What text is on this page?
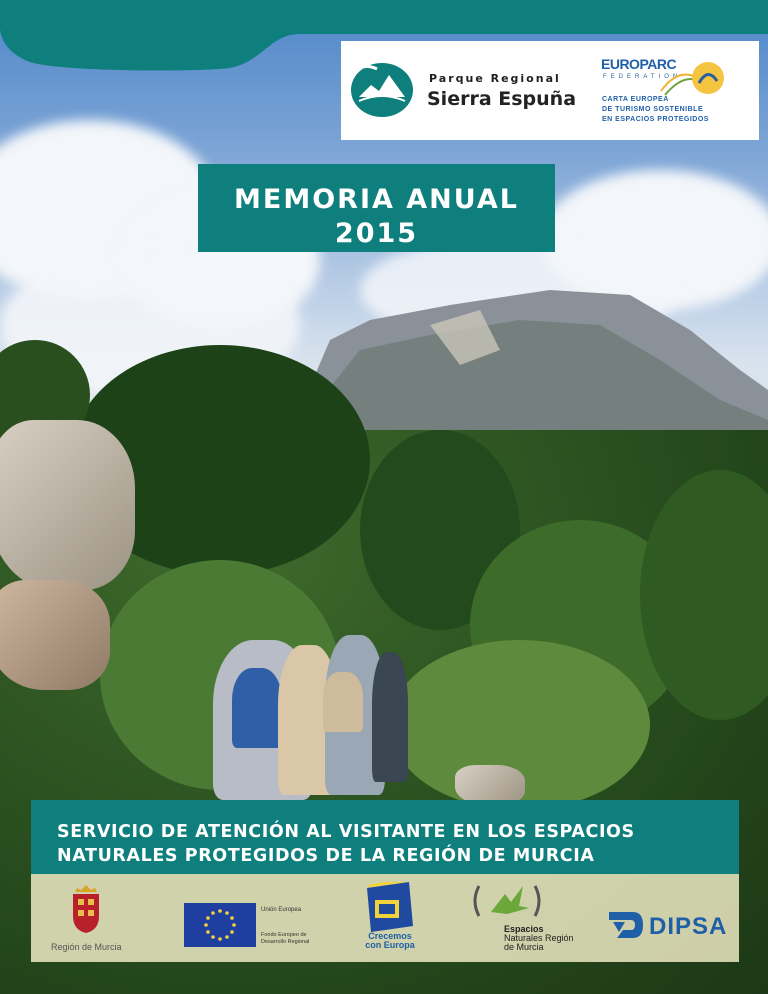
Parque Regional
Sierra Espuña
EUROPARC
FEDERATION
CARTA EUROPEA
DE TURISMO SOSTENIBLE
EN ESPACIOS PROTEGIDOS
MEMORIA ANUAL
2015
SERVICIO DE ATENCIÓN AL VISITANTE EN LOS ESPACIOS
NATURALES PROTEGIDOS DE LA REGIÓN DE MURCIA
Región de Murcia
Unión Europea
Fondo Europeo de
Desarrollo Regional
Crecemos
con Europa
Espacios
Naturales Región
de Murcia
DIPSA
